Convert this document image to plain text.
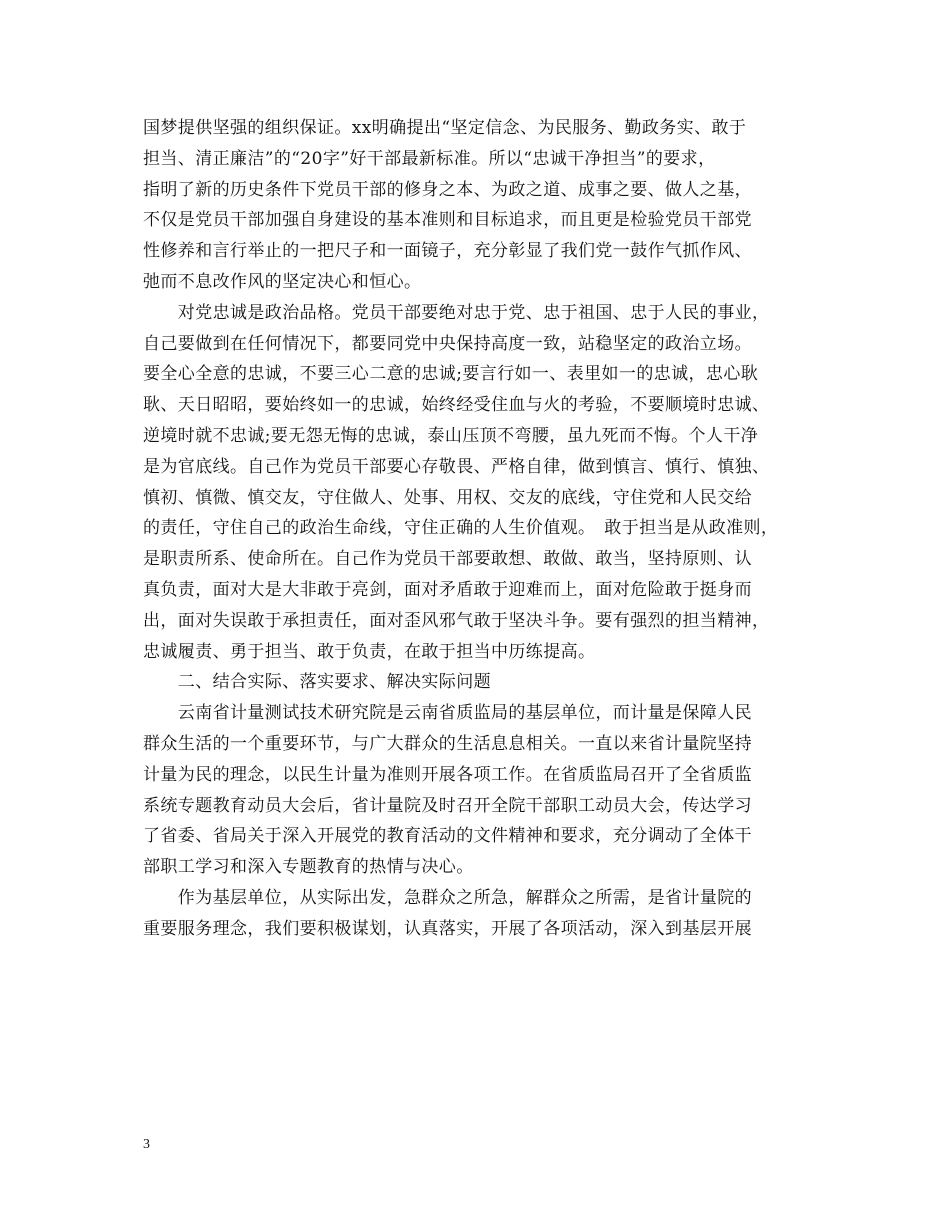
国梦提供坚强的组织保证。xx明确提出“坚定信念、为民服务、勤政务实、敢于
担当、清正廉洁”的“20字”好干部最新标准。所以“忠诚干净担当”的要求，
指明了新的历史条件下党员干部的修身之本、为政之道、成事之要、做人之基，
不仅是党员干部加强自身建设的基本准则和目标追求，而且更是检验党员干部党
性修养和言行举止的一把尺子和一面镜子，充分彰显了我们党一鼓作气抓作风、
弛而不息改作风的坚定决心和恒心。

　　对党忠诚是政治品格。党员干部要绝对忠于党、忠于祖国、忠于人民的事业，
自己要做到在任何情况下，都要同党中央保持高度一致，站稳坚定的政治立场。
要全心全意的忠诚，不要三心二意的忠诚;要言行如一、表里如一的忠诚，忠心耿
耿、天日昭昭，要始终如一的忠诚，始终经受住血与火的考验，不要顺境时忠诚、
逆境时就不忠诚;要无怨无悔的忠诚，泰山压顶不弯腰，虽九死而不悔。个人干净
是为官底线。自己作为党员干部要心存敬畏、严格自律，做到慎言、慎行、慎独、
慎初、慎微、慎交友，守住做人、处事、用权、交友的底线，守住党和人民交给
的责任，守住自己的政治生命线，守住正确的人生价值观。　敢于担当是从政准则，
是职责所系、使命所在。自己作为党员干部要敢想、敢做、敢当，坚持原则、认
真负责，面对大是大非敢于亮剑，面对矛盾敢于迎难而上，面对危险敢于挺身而
出，面对失误敢于承担责任，面对歪风邪气敢于坚决斗争。要有强烈的担当精神，
忠诚履责、勇于担当、敢于负责，在敢于担当中历练提高。

　　二、结合实际、落实要求、解决实际问题

　　云南省计量测试技术研究院是云南省质监局的基层单位，而计量是保障人民
群众生活的一个重要环节，与广大群众的生活息息相关。一直以来省计量院坚持
计量为民的理念，以民生计量为准则开展各项工作。在省质监局召开了全省质监
系统专题教育动员大会后，省计量院及时召开全院干部职工动员大会，传达学习
了省委、省局关于深入开展党的教育活动的文件精神和要求，充分调动了全体干
部职工学习和深入专题教育的热情与决心。

　　作为基层单位，从实际出发，急群众之所急，解群众之所需，是省计量院的
重要服务理念，我们要积极谋划，认真落实，开展了各项活动，深入到基层开展

3
